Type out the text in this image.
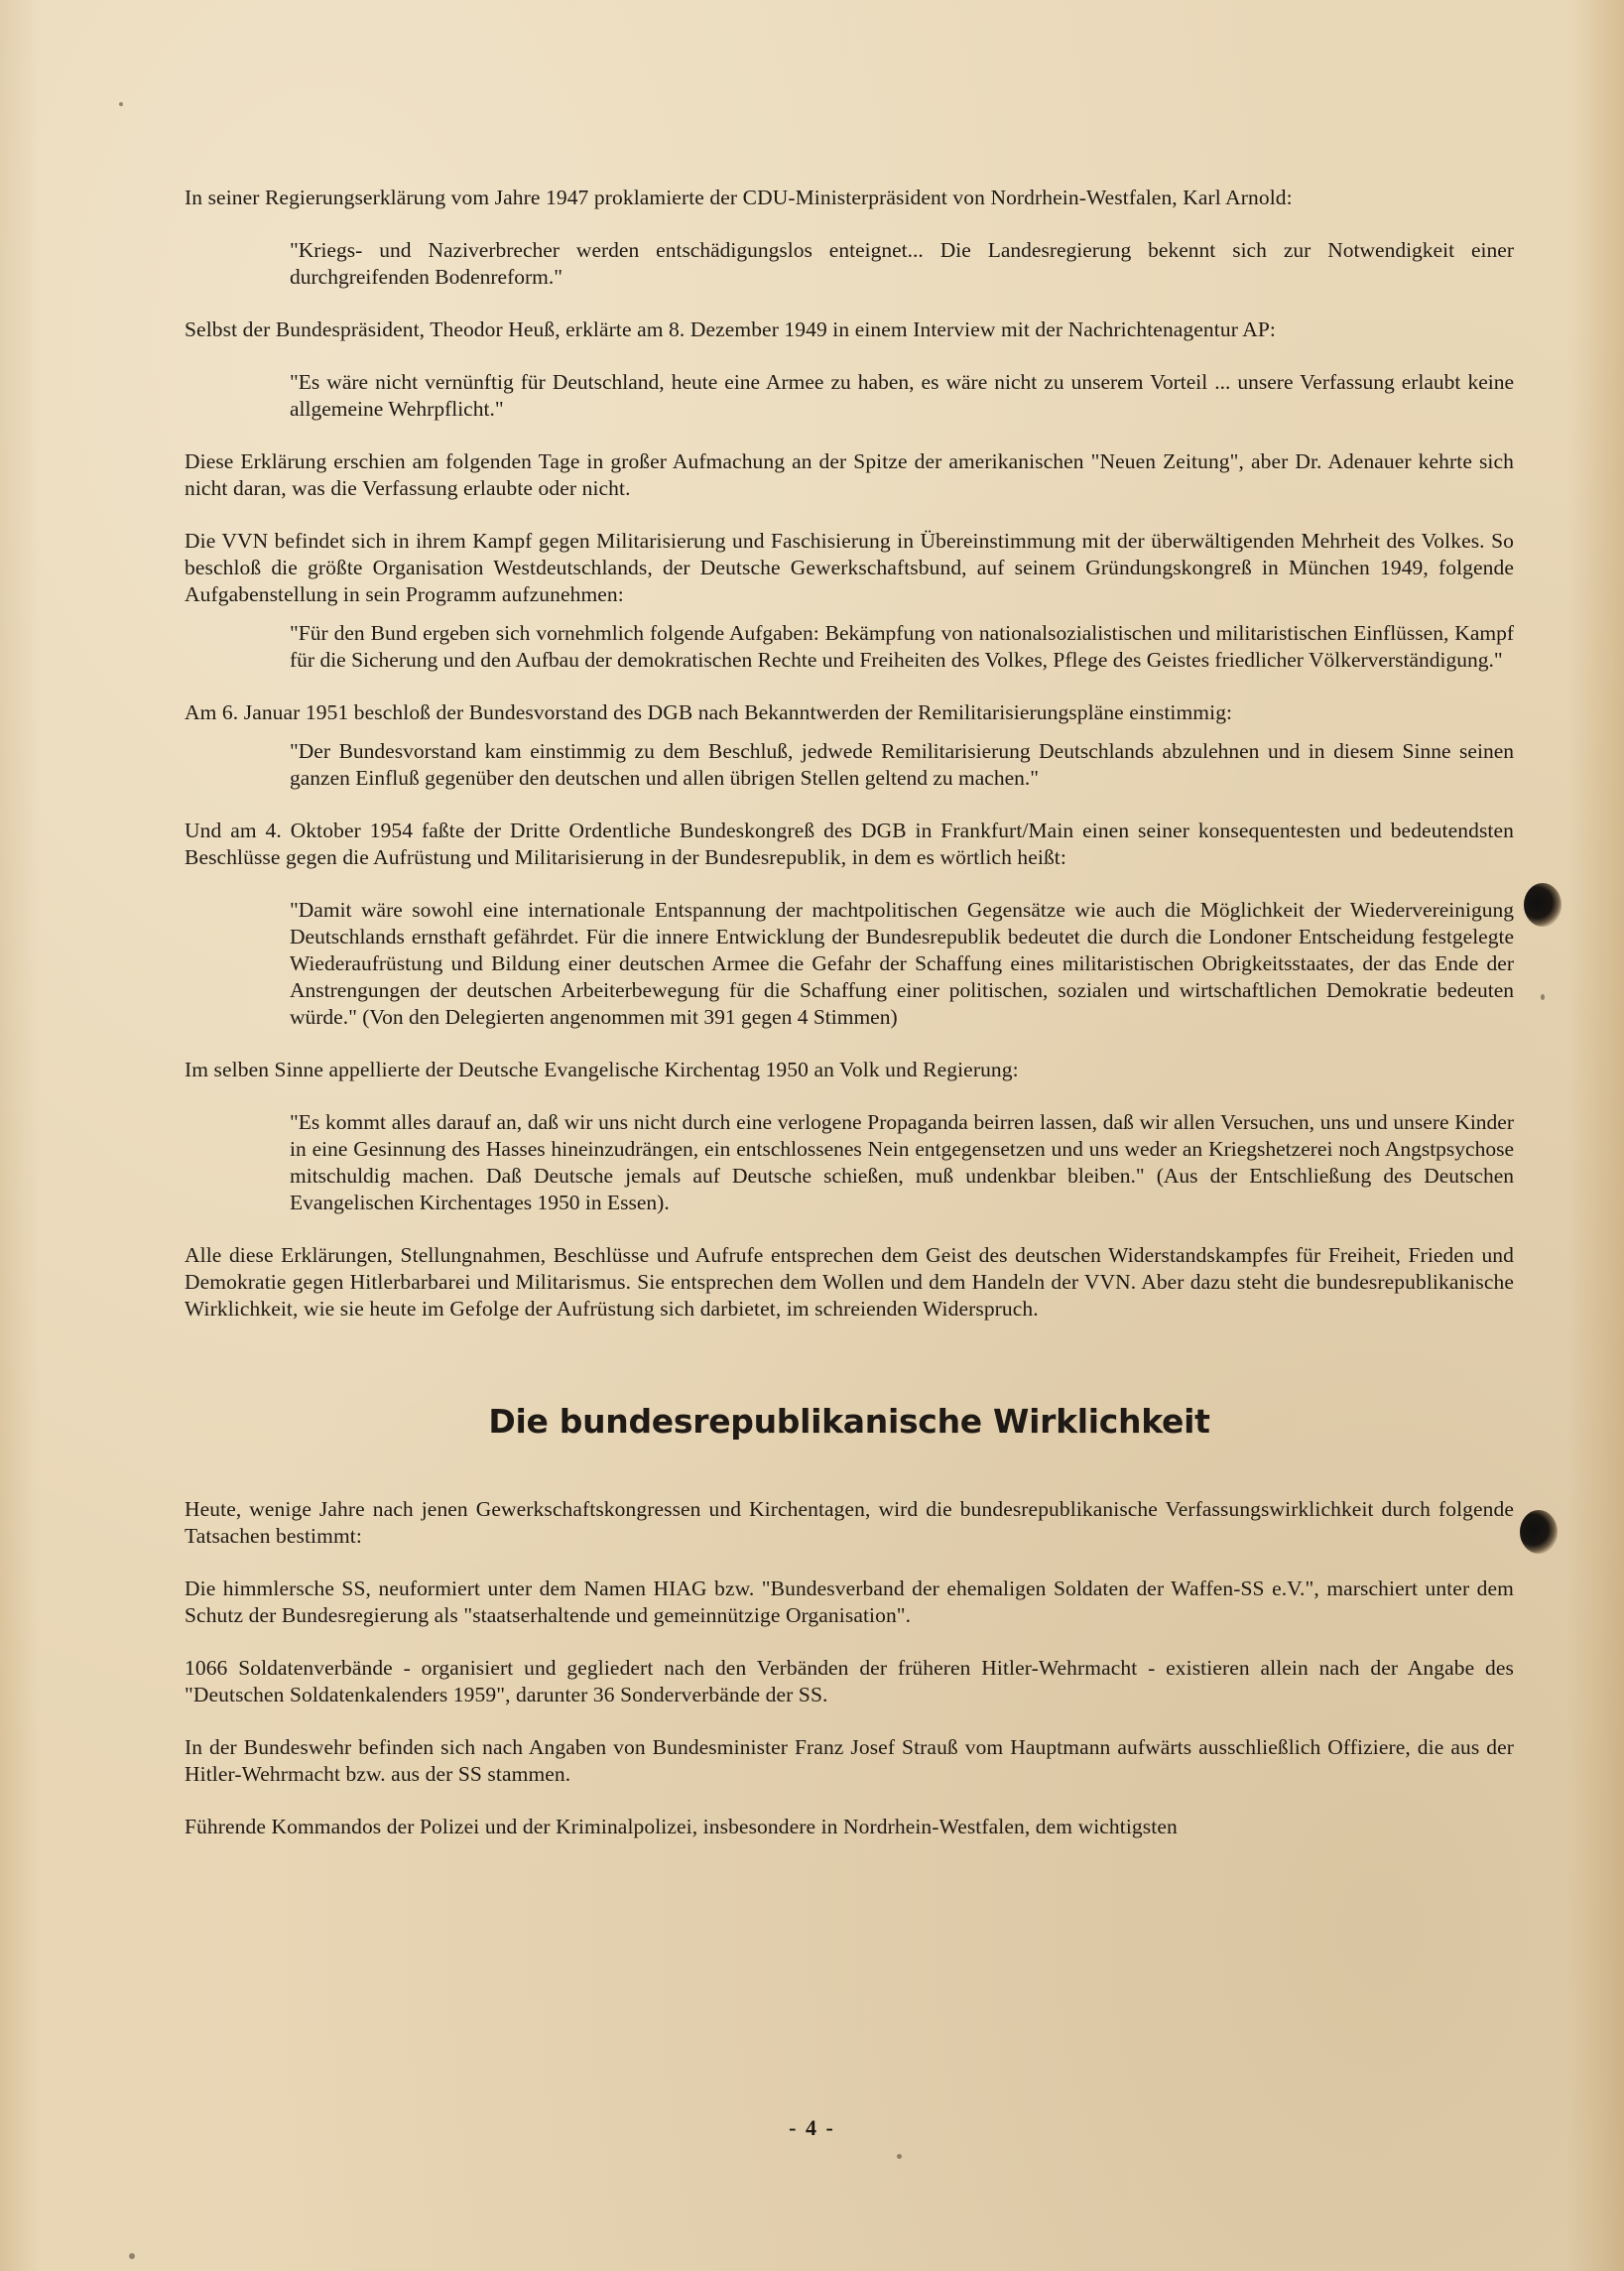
In seiner Regierungserklärung vom Jahre 1947 proklamierte der CDU-Ministerpräsident von Nordrhein-Westfalen, Karl Arnold:

"Kriegs- und Naziverbrecher werden entschädigungslos enteignet... Die Landesregierung bekennt sich zur Notwendigkeit einer durchgreifenden Bodenreform."

Selbst der Bundespräsident, Theodor Heuß, erklärte am 8. Dezember 1949 in einem Interview mit der Nachrichtenagentur AP:

"Es wäre nicht vernünftig für Deutschland, heute eine Armee zu haben, es wäre nicht zu unserem Vorteil ... unsere Verfassung erlaubt keine allgemeine Wehrpflicht."

Diese Erklärung erschien am folgenden Tage in großer Aufmachung an der Spitze der amerikanischen "Neuen Zeitung", aber Dr. Adenauer kehrte sich nicht daran, was die Verfassung erlaubte oder nicht.

Die VVN befindet sich in ihrem Kampf gegen Militarisierung und Faschisierung in Übereinstimmung mit der überwältigenden Mehrheit des Volkes. So beschloß die größte Organisation Westdeutschlands, der Deutsche Gewerkschaftsbund, auf seinem Gründungskongreß in München 1949, folgende Aufgabenstellung in sein Programm aufzunehmen:

"Für den Bund ergeben sich vornehmlich folgende Aufgaben: Bekämpfung von nationalsozialistischen und militaristischen Einflüssen, Kampf für die Sicherung und den Aufbau der demokratischen Rechte und Freiheiten des Volkes, Pflege des Geistes friedlicher Völkerverständigung."

Am 6. Januar 1951 beschloß der Bundesvorstand des DGB nach Bekanntwerden der Remilitarisierungspläne einstimmig:

"Der Bundesvorstand kam einstimmig zu dem Beschluß, jedwede Remilitarisierung Deutschlands abzulehnen und in diesem Sinne seinen ganzen Einfluß gegenüber den deutschen und allen übrigen Stellen geltend zu machen."

Und am 4. Oktober 1954 faßte der Dritte Ordentliche Bundeskongreß des DGB in Frankfurt/Main einen seiner konsequentesten und bedeutendsten Beschlüsse gegen die Aufrüstung und Militarisierung in der Bundesrepublik, in dem es wörtlich heißt:

"Damit wäre sowohl eine internationale Entspannung der machtpolitischen Gegensätze wie auch die Möglichkeit der Wiedervereinigung Deutschlands ernsthaft gefährdet. Für die innere Entwicklung der Bundesrepublik bedeutet die durch die Londoner Entscheidung festgelegte Wiederaufrüstung und Bildung einer deutschen Armee die Gefahr der Schaffung eines militaristischen Obrigkeitsstaates, der das Ende der Anstrengungen der deutschen Arbeiterbewegung für die Schaffung einer politischen, sozialen und wirtschaftlichen Demokratie bedeuten würde." (Von den Delegierten angenommen mit 391 gegen 4 Stimmen)

Im selben Sinne appellierte der Deutsche Evangelische Kirchentag 1950 an Volk und Regierung:

"Es kommt alles darauf an, daß wir uns nicht durch eine verlogene Propaganda beirren lassen, daß wir allen Versuchen, uns und unsere Kinder in eine Gesinnung des Hasses hineinzudrängen, ein entschlossenes Nein entgegensetzen und uns weder an Kriegshetzerei noch Angstpsychose mitschuldig machen. Daß Deutsche jemals auf Deutsche schießen, muß undenkbar bleiben." (Aus der Entschließung des Deutschen Evangelischen Kirchentages 1950 in Essen).

Alle diese Erklärungen, Stellungnahmen, Beschlüsse und Aufrufe entsprechen dem Geist des deutschen Widerstandskampfes für Freiheit, Frieden und Demokratie gegen Hitlerbarbarei und Militarismus. Sie entsprechen dem Wollen und dem Handeln der VVN. Aber dazu steht die bundesrepublikanische Wirklichkeit, wie sie heute im Gefolge der Aufrüstung sich darbietet, im schreienden Widerspruch.

Die bundesrepublikanische Wirklichkeit

Heute, wenige Jahre nach jenen Gewerkschaftskongressen und Kirchentagen, wird die bundesrepublikanische Verfassungswirklichkeit durch folgende Tatsachen bestimmt:

Die himmlersche SS, neuformiert unter dem Namen HIAG bzw. "Bundesverband der ehemaligen Soldaten der Waffen-SS e.V.", marschiert unter dem Schutz der Bundesregierung als "staatserhaltende und gemeinnützige Organisation".

1066 Soldatenverbände - organisiert und gegliedert nach den Verbänden der früheren Hitler-Wehrmacht - existieren allein nach der Angabe des "Deutschen Soldatenkalenders 1959", darunter 36 Sonderverbände der SS.

In der Bundeswehr befinden sich nach Angaben von Bundesminister Franz Josef Strauß vom Hauptmann aufwärts ausschließlich Offiziere, die aus der Hitler-Wehrmacht bzw. aus der SS stammen.

Führende Kommandos der Polizei und der Kriminalpolizei, insbesondere in Nordrhein-Westfalen, dem wichtigsten

- 4 -
